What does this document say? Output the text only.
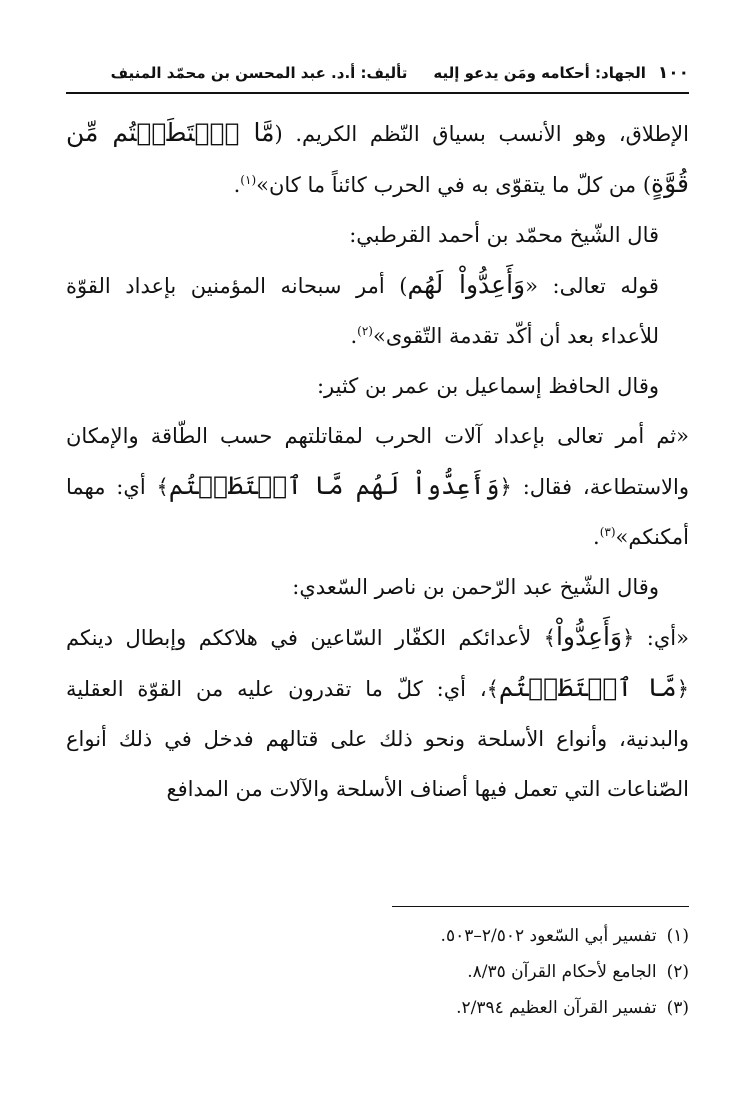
١٠٠
الجهاد: أحكامه ومَن يدعو إليه
تأليف: أ.د. عبد المحسن بن محمّد المنيف

الإطلاق، وهو الأنسب بسياق النّظم الكريم. (مَّا ٱسۡتَطَعۡتُم مِّن قُوَّةٍ) من كلّ ما يتقوّى به في الحرب كائناً ما كان»$^{(١)}$.

قال الشّيخ محمّد بن أحمد القرطبي:

قوله تعالى: «وَأَعِدُّواْ لَهُم) أمر سبحانه المؤمنين بإعداد القوّة للأعداء بعد أن أكّد تقدمة التّقوى»$^{(٢)}$.

وقال الحافظ إسماعيل بن عمر بن كثير:

«ثم أمر تعالى بإعداد آلات الحرب لمقاتلتهم حسب الطّاقة والإمكان والاستطاعة، فقال: ﴿وَأَعِدُّواْ لَهُم مَّا ٱسۡتَطَعۡتُم﴾ أي: مهما أمكنكم»$^{(٣)}$.

وقال الشّيخ عبد الرّحمن بن ناصر السّعدي:

«أي: ﴿وَأَعِدُّواْ﴾ لأعدائكم الكفّار السّاعين في هلاككم وإبطال دينكم ﴿مَّا ٱسۡتَطَعۡتُم﴾، أي: كلّ ما تقدرون عليه من القوّة العقلية والبدنية، وأنواع الأسلحة ونحو ذلك على قتالهم فدخل في ذلك أنواع الصّناعات التي تعمل فيها أصناف الأسلحة والآلات من المدافع

(١)تفسير أبي السّعود ٢/٥٠٢–٥٠٣.

(٢)الجامع لأحكام القرآن ٨/٣٥.

(٣)تفسير القرآن العظيم ٢/٣٩٤.
